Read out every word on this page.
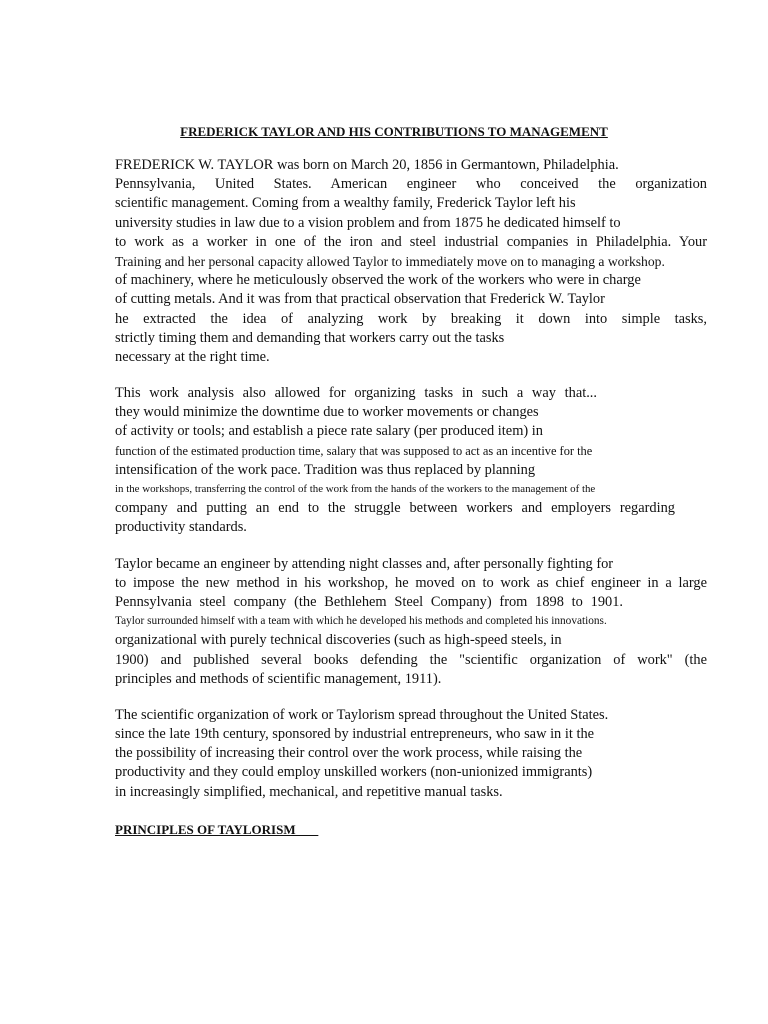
FREDERICK TAYLOR AND HIS CONTRIBUTIONS TO MANAGEMENT
FREDERICK W. TAYLOR was born on March 20, 1856 in Germantown, Philadelphia.
Pennsylvania, United States. American engineer who conceived the organization
scientific management. Coming from a wealthy family, Frederick Taylor left his
university studies in law due to a vision problem and from 1875 he dedicated himself to
to work as a worker in one of the iron and steel industrial companies in Philadelphia. Your
Training and her personal capacity allowed Taylor to immediately move on to managing a workshop.
of machinery, where he meticulously observed the work of the workers who were in charge
of cutting metals. And it was from that practical observation that Frederick W. Taylor
he extracted the idea of analyzing work by breaking it down into simple tasks,
strictly timing them and demanding that workers carry out the tasks
necessary at the right time.
This work analysis also allowed for organizing tasks in such a way that...
they would minimize the downtime due to worker movements or changes
of activity or tools; and establish a piece rate salary (per produced item) in
function of the estimated production time, salary that was supposed to act as an incentive for the
intensification of the work pace. Tradition was thus replaced by planning
in the workshops, transferring the control of the work from the hands of the workers to the management of the
company and putting an end to the struggle between workers and employers regarding
productivity standards.
Taylor became an engineer by attending night classes and, after personally fighting for
to impose the new method in his workshop, he moved on to work as chief engineer in a large
Pennsylvania steel company (the Bethlehem Steel Company) from 1898 to 1901.
Taylor surrounded himself with a team with which he developed his methods and completed his innovations.
organizational with purely technical discoveries (such as high-speed steels, in
1900) and published several books defending the "scientific organization of work" (the
principles and methods of scientific management, 1911).
The scientific organization of work or Taylorism spread throughout the United States.
since the late 19th century, sponsored by industrial entrepreneurs, who saw in it the
the possibility of increasing their control over the work process, while raising the
productivity and they could employ unskilled workers (non-unionized immigrants)
in increasingly simplified, mechanical, and repetitive manual tasks.
PRINCIPLES OF TAYLORISM
